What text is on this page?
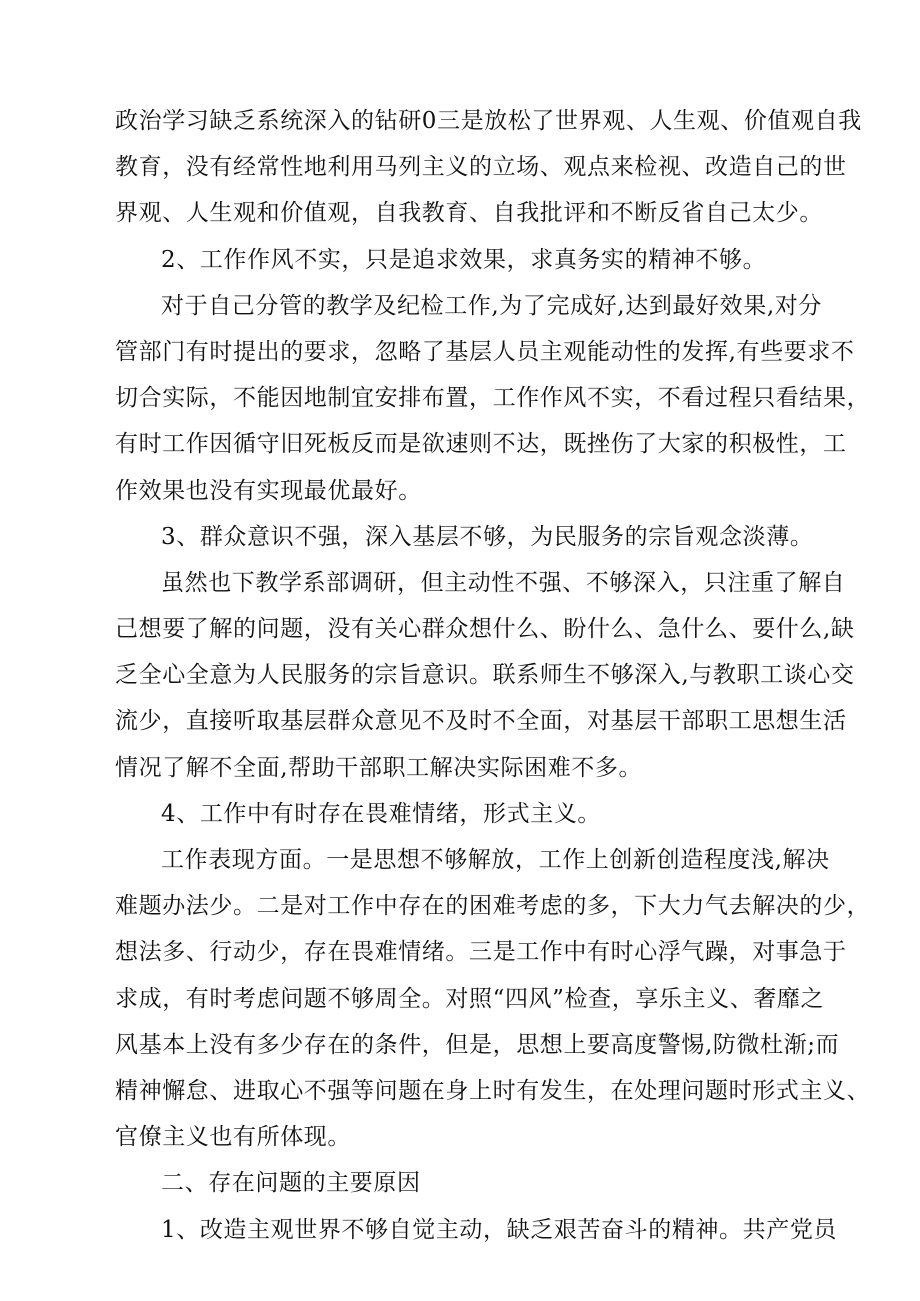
政治学习缺乏系统深入的钻研0三是放松了世界观、人生观、价值观自我
教育，没有经常性地利用马列主义的立场、观点来检视、改造自己的世
界观、人生观和价值观，自我教育、自我批评和不断反省自己太少。
2、工作作风不实，只是追求效果，求真务实的精神不够。
对于自己分管的教学及纪检工作,为了完成好,达到最好效果,对分
管部门有时提出的要求，忽略了基层人员主观能动性的发挥,有些要求不
切合实际，不能因地制宜安排布置，工作作风不实，不看过程只看结果，
有时工作因循守旧死板反而是欲速则不达，既挫伤了大家的积极性，工
作效果也没有实现最优最好。
3、群众意识不强，深入基层不够，为民服务的宗旨观念淡薄。
虽然也下教学系部调研，但主动性不强、不够深入，只注重了解自
己想要了解的问题，没有关心群众想什么、盼什么、急什么、要什么,缺
乏全心全意为人民服务的宗旨意识。联系师生不够深入,与教职工谈心交
流少，直接听取基层群众意见不及时不全面，对基层干部职工思想生活
情况了解不全面,帮助干部职工解决实际困难不多。
4、工作中有时存在畏难情绪，形式主义。
工作表现方面。一是思想不够解放，工作上创新创造程度浅,解决
难题办法少。二是对工作中存在的困难考虑的多，下大力气去解决的少，
想法多、行动少，存在畏难情绪。三是工作中有时心浮气躁，对事急于
求成，有时考虑问题不够周全。对照“四风”检查，享乐主义、奢靡之
风基本上没有多少存在的条件，但是，思想上要高度警惕,防微杜渐;而
精神懈怠、进取心不强等问题在身上时有发生，在处理问题时形式主义、
官僚主义也有所体现。
二、存在问题的主要原因
1、改造主观世界不够自觉主动，缺乏艰苦奋斗的精神。共产党员
